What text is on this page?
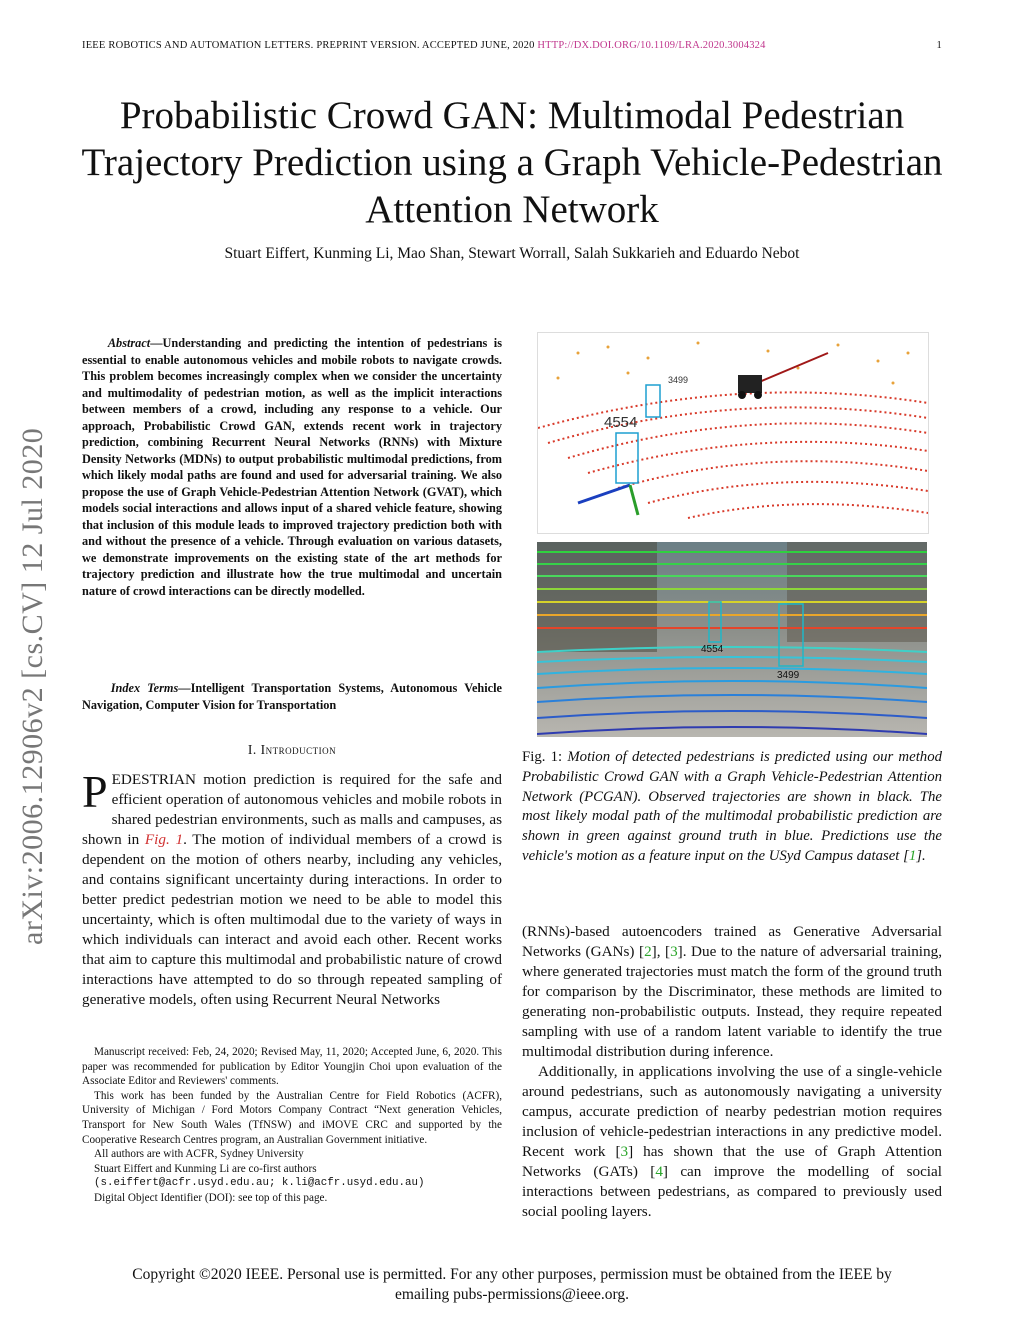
IEEE ROBOTICS AND AUTOMATION LETTERS. PREPRINT VERSION. ACCEPTED JUNE, 2020 HTTP://DX.DOI.ORG/10.1109/LRA.2020.3004324	1
Probabilistic Crowd GAN: Multimodal Pedestrian Trajectory Prediction using a Graph Vehicle-Pedestrian Attention Network
Stuart Eiffert, Kunming Li, Mao Shan, Stewart Worrall, Salah Sukkarieh and Eduardo Nebot
arXiv:2006.12906v2 [cs.CV] 12 Jul 2020
Abstract—Understanding and predicting the intention of pedestrians is essential to enable autonomous vehicles and mobile robots to navigate crowds. This problem becomes increasingly complex when we consider the uncertainty and multimodality of pedestrian motion, as well as the implicit interactions between members of a crowd, including any response to a vehicle. Our approach, Probabilistic Crowd GAN, extends recent work in trajectory prediction, combining Recurrent Neural Networks (RNNs) with Mixture Density Networks (MDNs) to output probabilistic multimodal predictions, from which likely modal paths are found and used for adversarial training. We also propose the use of Graph Vehicle-Pedestrian Attention Network (GVAT), which models social interactions and allows input of a shared vehicle feature, showing that inclusion of this module leads to improved trajectory prediction both with and without the presence of a vehicle. Through evaluation on various datasets, we demonstrate improvements on the existing state of the art methods for trajectory prediction and illustrate how the true multimodal and uncertain nature of crowd interactions can be directly modelled.
Index Terms—Intelligent Transportation Systems, Autonomous Vehicle Navigation, Computer Vision for Transportation
I. Introduction
PEDESTRIAN motion prediction is required for the safe and efficient operation of autonomous vehicles and mobile robots in shared pedestrian environments, such as malls and campuses, as shown in Fig. 1. The motion of individual members of a crowd is dependent on the motion of others nearby, including any vehicles, and contains significant uncertainty during interactions. In order to better predict pedestrian motion we need to be able to model this uncertainty, which is often multimodal due to the variety of ways in which individuals can interact and avoid each other. Recent works that aim to capture this multimodal and probabilistic nature of crowd interactions have attempted to do so through repeated sampling of generative models, often using Recurrent Neural Networks

Manuscript received: Feb, 24, 2020; Revised May, 11, 2020; Accepted June, 6, 2020. This paper was recommended for publication by Editor Youngjin Choi upon evaluation of the Associate Editor and Reviewers' comments.

This work has been funded by the Australian Centre for Field Robotics (ACFR), University of Michigan / Ford Motors Company Contract “Next generation Vehicles, Transport for New South Wales (TfNSW) and iMOVE CRC and supported by the Cooperative Research Centres program, an Australian Government initiative.

All authors are with ACFR, Sydney University

Stuart Eiffert and Kunming Li are co-first authors

(s.eiffert@acfr.usyd.edu.au; k.li@acfr.usyd.edu.au)

Digital Object Identifier (DOI): see top of this page.

4554
3499
4554
3499
Fig. 1: Motion of detected pedestrians is predicted using our method Probabilistic Crowd GAN with a Graph Vehicle-Pedestrian Attention Network (PCGAN). Observed trajectories are shown in black. The most likely modal path of the multimodal probabilistic prediction are shown in green against ground truth in blue. Predictions use the vehicle's motion as a feature input on the USyd Campus dataset [1].

(RNNs)-based autoencoders trained as Generative Adversarial Networks (GANs) [2], [3]. Due to the nature of adversarial training, where generated trajectories must match the form of the ground truth for comparison by the Discriminator, these methods are limited to generating non-probabilistic outputs. Instead, they require repeated sampling with use of a random latent variable to identify the true multimodal distribution during inference.

Additionally, in applications involving the use of a single-vehicle around pedestrians, such as autonomously navigating a university campus, accurate prediction of nearby pedestrian motion requires inclusion of vehicle-pedestrian interactions in any predictive model. Recent work [3] has shown that the use of Graph Attention Networks (GATs) [4] can improve the modelling of social interactions between pedestrians, as compared to previously used social pooling layers.

Copyright ©2020 IEEE. Personal use is permitted. For any other purposes, permission must be obtained from the IEEE by
emailing pubs-permissions@ieee.org.
